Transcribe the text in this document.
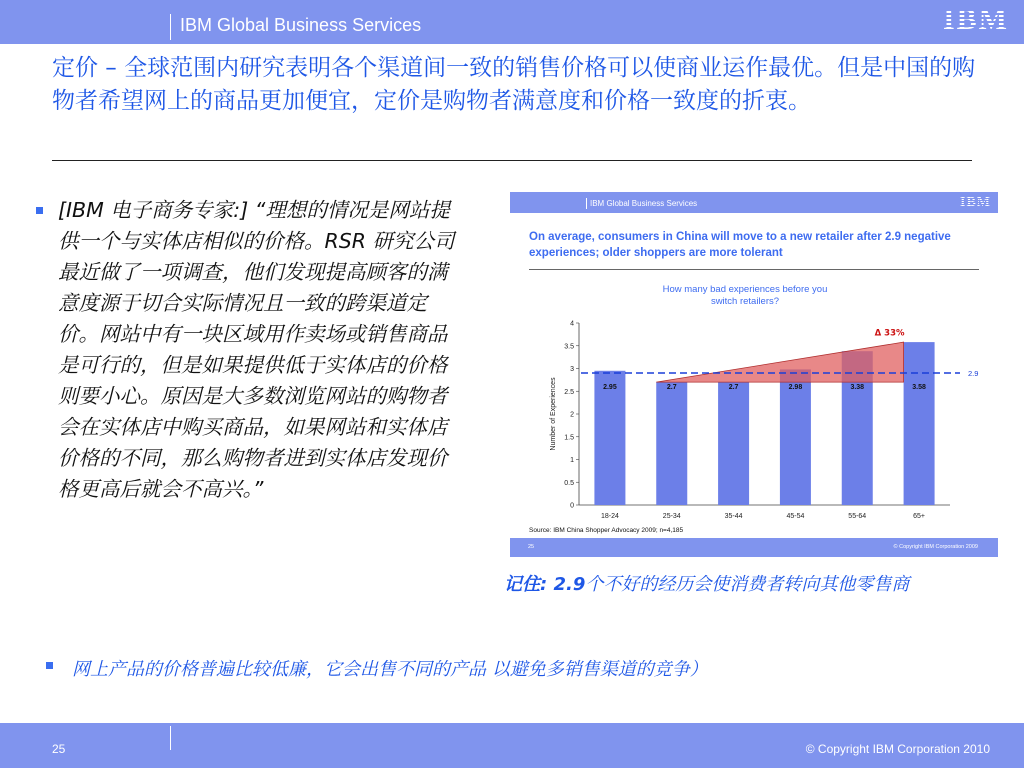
IBM Global Business Services	IBM
定价 – 全球范围内研究表明各个渠道间一致的销售价格可以使商业运作最优。但是中国的购物者希望网上的商品更加便宜，定价是购物者满意度和价格一致度的折衷。
[IBM 电子商务专家:] “理想的情况是网站提供一个与实体店相似的价格。RSR 研究公司最近做了一项调查，他们发现提高顾客的满意度源于切合实际情况且一致的跨渠道定价。网站中有一块区域用作卖场或销售商品是可行的，但是如果提供低于实体店的价格则要小心。原因是大多数浏览网站的购物者会在实体店中购买商品，如果网站和实体店价格的不同，那么购物者进到实体店发现价格更高后就会不高兴。”
IBM Global Business Services	IBM
On average, consumers in China will move to a new retailer after 2.9 negative experiences; older shoppers are more tolerant
0
0.5
1
1.5
2
2.5
3
3.5
4
Number of Experiences
18-24	25-34	35-44	45-54	55-64	65+
2.9
2.95	2.7	2.7	2.98	3.38	3.58
Δ 33%
Source: IBM China Shopper Advocacy 2009; n=4,185
How many bad experiences before you switch retailers?
25	© Copyright IBM Corporation 2009
记住: 2.9个不好的经历会使消费者转向其他零售商
网上产品的价格普遍比较低廉，它会出售不同的产品 以避免多销售渠道的竞争）
25	© Copyright IBM Corporation 2010
